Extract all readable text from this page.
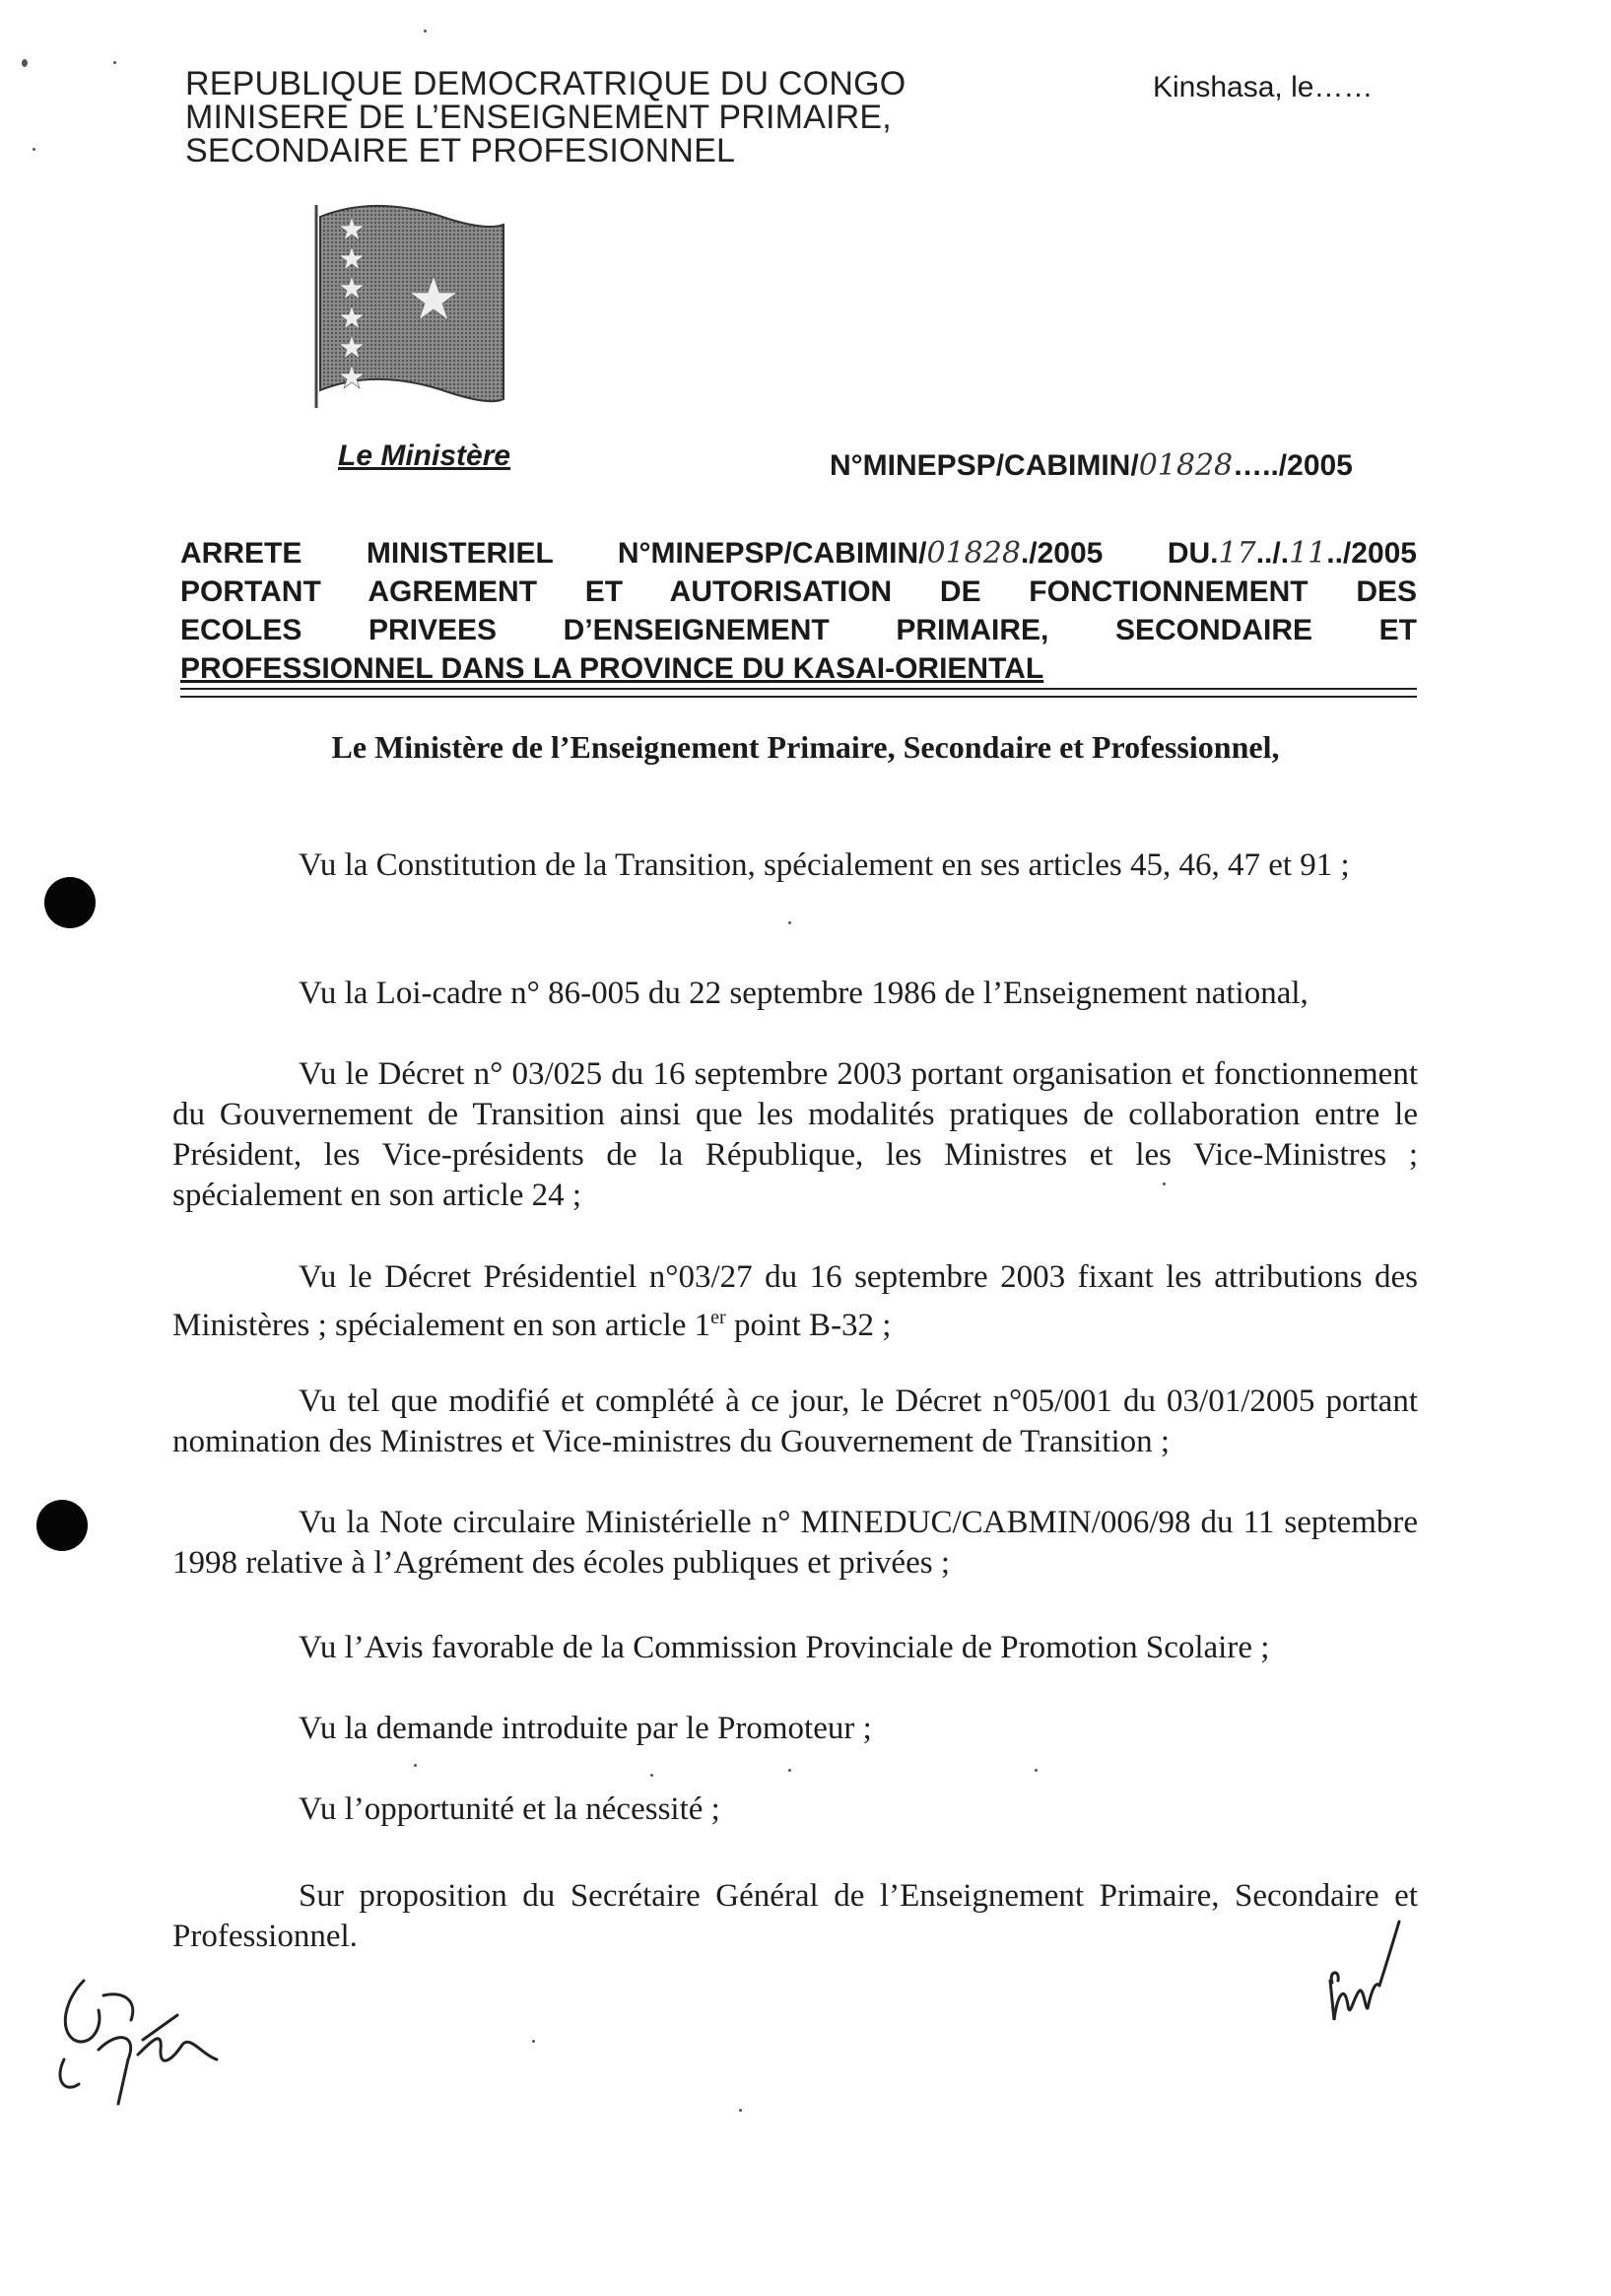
REPUBLIQUE DEMOCRATRIQUE DU CONGO
MINISERE DE L’ENSEIGNEMENT PRIMAIRE,
SECONDAIRE ET PROFESIONNEL
Kinshasa, le……
Le Ministère	N°MINEPSP/CABIMIN/01828…../2005
ARRETE MINISTERIEL N°MINEPSP/CABIMIN/01828./2005 DU.17../.11../2005
PORTANT AGREMENT ET AUTORISATION DE FONCTIONNEMENT DES
ECOLES PRIVEES D’ENSEIGNEMENT PRIMAIRE, SECONDAIRE ET
PROFESSIONNEL DANS LA PROVINCE DU KASAI-ORIENTAL
Le Ministère de l’Enseignement Primaire, Secondaire et Professionnel,
Vu la Constitution de la Transition, spécialement en ses articles 45, 46, 47 et 91 ;
Vu la Loi-cadre n° 86-005 du 22 septembre 1986 de l’Enseignement national,
Vu le Décret n° 03/025 du 16 septembre 2003 portant organisation et fonctionnement du Gouvernement de Transition ainsi que les modalités pratiques de collaboration entre le Président, les Vice-présidents de la République, les Ministres et les Vice-Ministres ; spécialement en son article 24 ;
Vu le Décret Présidentiel n°03/27 du 16 septembre 2003 fixant les attributions des Ministères ; spécialement en son article 1er point B-32 ;
Vu tel que modifié et complété à ce jour, le Décret n°05/001 du 03/01/2005 portant nomination des Ministres et Vice-ministres du Gouvernement de Transition ;
Vu la Note circulaire Ministérielle n° MINEDUC/CABMIN/006/98 du 11 septembre 1998 relative à l’Agrément des écoles publiques et privées ;
Vu l’Avis favorable de la Commission Provinciale de Promotion Scolaire ;
Vu la demande introduite par le Promoteur ;
Vu l’opportunité et la nécessité ;
Sur proposition du Secrétaire Général de l’Enseignement Primaire, Secondaire et Professionnel.
